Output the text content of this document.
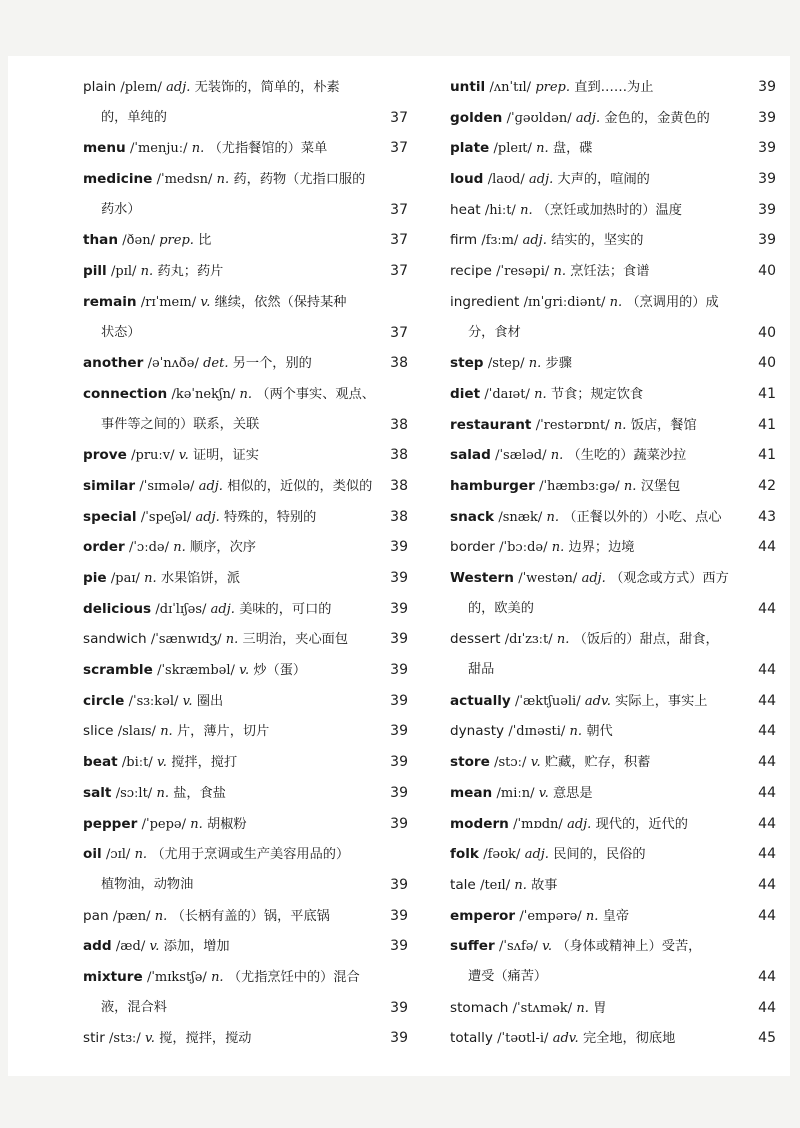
plain /pleɪn/ adj. 无装饰的，简单的，朴素
的，单纯的	37
menu /ˈmenjuː/ n. （尤指餐馆的）菜单	37
medicine /ˈmedsn/ n. 药，药物（尤指口服的
药水）	37
than /ðən/ prep. 比	37
pill /pɪl/ n. 药丸；药片	37
remain /rɪˈmeɪn/ v. 继续，依然（保持某种
状态）	37
another /əˈnʌðə/ det. 另一个，别的	38
connection /kəˈnekʃn/ n. （两个事实、观点、
事件等之间的）联系，关联	38
prove /pruːv/ v. 证明，证实	38
similar /ˈsɪmələ/ adj. 相似的，近似的，类似的 38
special /ˈspeʃəl/ adj. 特殊的，特别的	38
order /ˈɔːdə/ n. 顺序，次序	39
pie /paɪ/ n. 水果馅饼，派	39
delicious /dɪˈlɪʃəs/ adj. 美味的，可口的	39
sandwich /ˈsænwɪdʒ/ n. 三明治，夹心面包	39
scramble /ˈskræmbəl/ v. 炒（蛋）	39
circle /ˈsɜːkəl/ v. 圈出	39
slice /slaɪs/ n. 片，薄片，切片	39
beat /biːt/ v. 搅拌，搅打	39
salt /sɔːlt/ n. 盐，食盐	39
pepper /ˈpepə/ n. 胡椒粉	39
oil /ɔɪl/ n. （尤用于烹调或生产美容用品的）
植物油，动物油	39
pan /pæn/ n. （长柄有盖的）锅，平底锅	39
add /æd/ v. 添加，增加	39
mixture /ˈmɪkstʃə/ n. （尤指烹饪中的）混合
液，混合料	39
stir /stɜː/ v. 搅，搅拌，搅动	39
until /ʌnˈtɪl/ prep. 直到……为止	39
golden /ˈɡəʊldən/ adj. 金色的，金黄色的	39
plate /pleɪt/ n. 盘，碟	39
loud /laʊd/ adj. 大声的，喧闹的	39
heat /hiːt/ n. （烹饪或加热时的）温度	39
firm /fɜːm/ adj. 结实的，坚实的	39
recipe /ˈresəpi/ n. 烹饪法；食谱	40
ingredient /ɪnˈɡriːdiənt/ n. （烹调用的）成
分，食材	40
step /step/ n. 步骤	40
diet /ˈdaɪət/ n. 节食；规定饮食	41
restaurant /ˈrestərɒnt/ n. 饭店，餐馆	41
salad /ˈsæləd/ n. （生吃的）蔬菜沙拉	41
hamburger /ˈhæmbɜːɡə/ n. 汉堡包	42
snack /snæk/ n. （正餐以外的）小吃、点心	43
border /ˈbɔːdə/ n. 边界；边境	44
Western /ˈwestən/ adj. （观念或方式）西方
的，欧美的	44
dessert /dɪˈzɜːt/ n. （饭后的）甜点，甜食，
甜品	44
actually /ˈæktʃuəli/ adv. 实际上，事实上	44
dynasty /ˈdɪnəsti/ n. 朝代	44
store /stɔː/ v. 贮藏，贮存，积蓄	44
mean /miːn/ v. 意思是	44
modern /ˈmɒdn/ adj. 现代的，近代的	44
folk /fəʊk/ adj. 民间的，民俗的	44
tale /teɪl/ n. 故事	44
emperor /ˈempərə/ n. 皇帝	44
suffer /ˈsʌfə/ v. （身体或精神上）受苦，
遭受（痛苦）	44
stomach /ˈstʌmək/ n. 胃	44
totally /ˈtəʊtl-i/ adv. 完全地，彻底地	45
